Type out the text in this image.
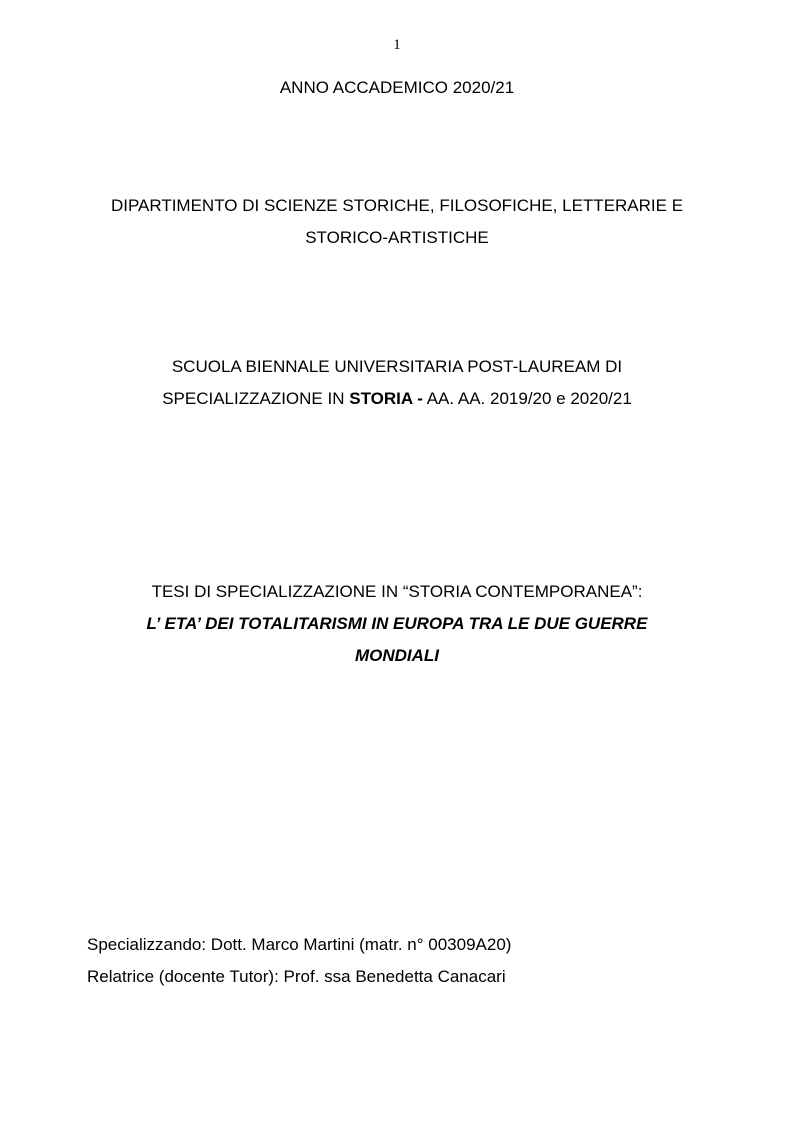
1
ANNO ACCADEMICO 2020/21
DIPARTIMENTO DI SCIENZE STORICHE, FILOSOFICHE, LETTERARIE E
STORICO-ARTISTICHE
SCUOLA BIENNALE UNIVERSITARIA POST-LAUREAM DI
SPECIALIZZAZIONE IN STORIA - AA. AA. 2019/20 e 2020/21
TESI DI SPECIALIZZAZIONE IN “STORIA CONTEMPORANEA”:
L’ ETA’ DEI TOTALITARISMI IN EUROPA TRA LE DUE GUERRE
MONDIALI
Specializzando: Dott. Marco Martini (matr. n° 00309A20)
Relatrice (docente Tutor): Prof. ssa Benedetta Canacari
